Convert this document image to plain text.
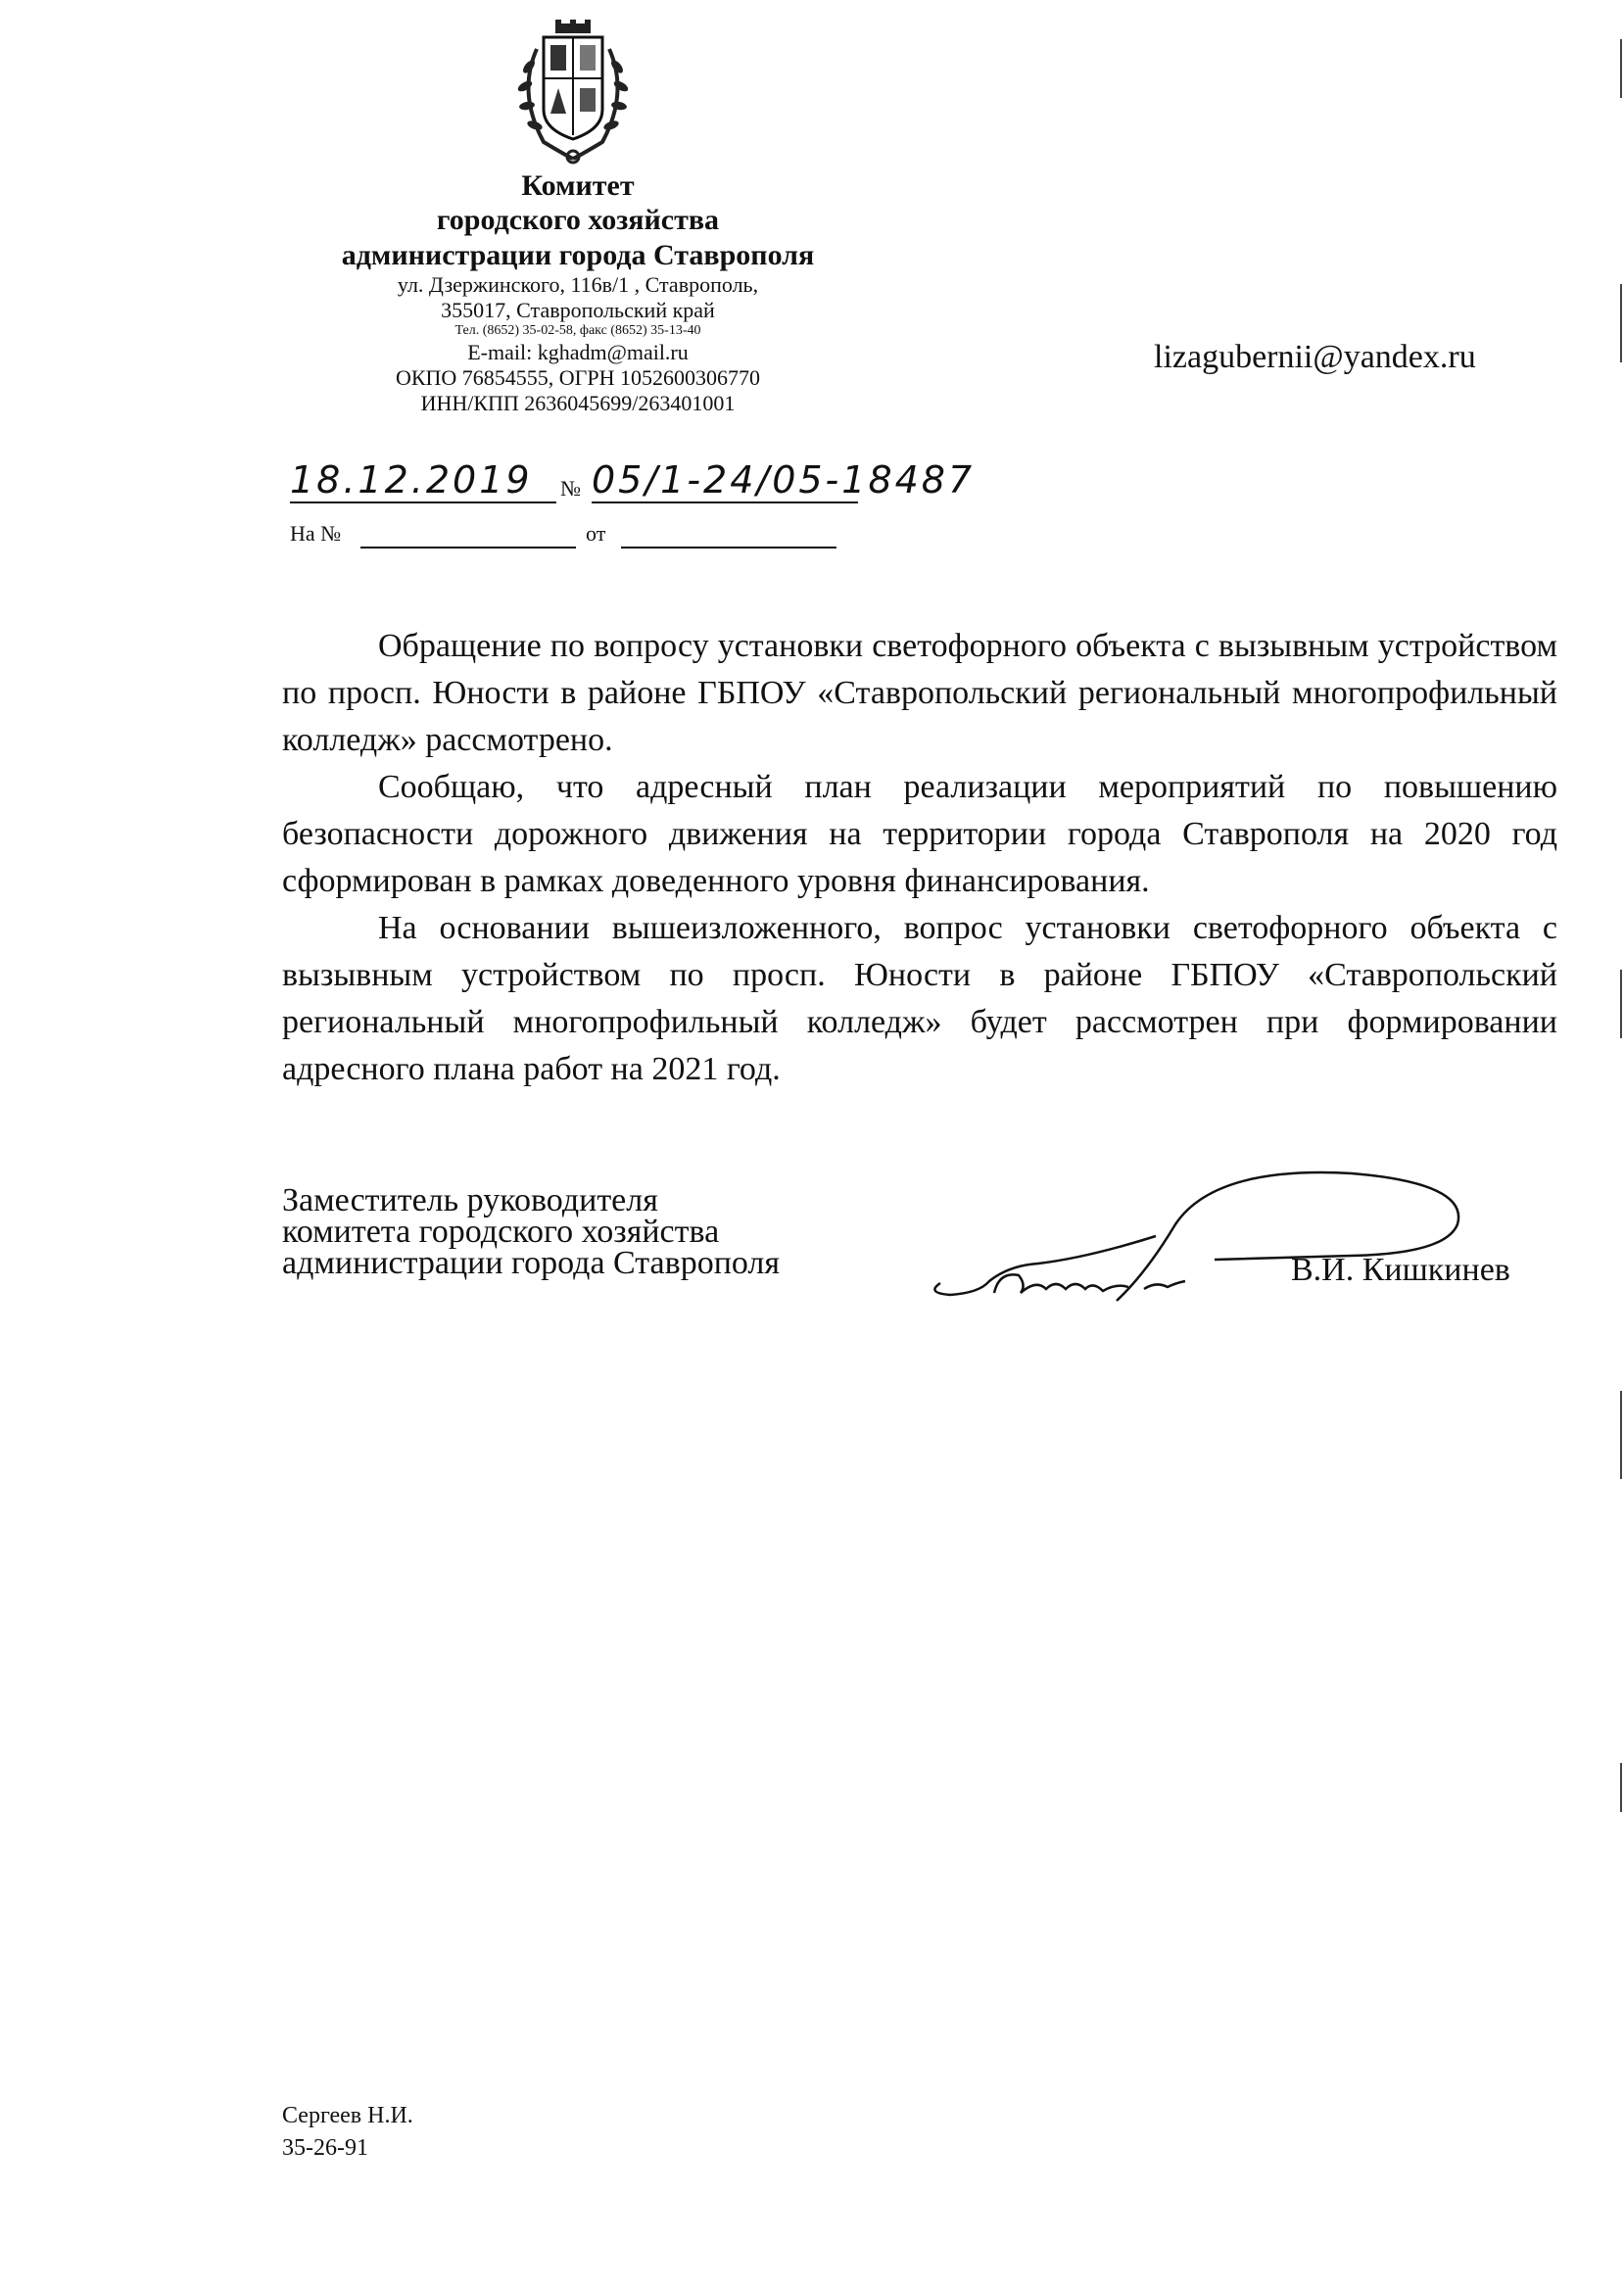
Комитет
городского хозяйства
администрации города Ставрополя
ул. Дзержинского, 116в/1 , Ставрополь,
355017, Ставропольский край
Тел. (8652) 35-02-58, факс (8652) 35-13-40
E-mail: kghadm@mail.ru
ОКПО 76854555, ОГРН 1052600306770
ИНН/КПП 2636045699/263401001
lizagubernii@yandex.ru
18.12.2019	№ 05/1-24/05-18487
На №	от

Обращение по вопросу установки светофорного объекта с вызывным устройством по просп. Юности в районе ГБПОУ «Ставропольский региональный многопрофильный колледж» рассмотрено.

Сообщаю, что адресный план реализации мероприятий по повышению безопасности дорожного движения на территории города Ставрополя на 2020 год сформирован в рамках доведенного уровня финансирования.

На основании вышеизложенного, вопрос установки светофорного объекта с вызывным устройством по просп. Юности в районе ГБПОУ «Ставропольский региональный многопрофильный колледж» будет рассмотрен при формировании адресного плана работ на 2021 год.

Заместитель руководителя
комитета городского хозяйства
администрации города Ставрополя	В.И. Кишкинев
Сергеев Н.И.
35-26-91
